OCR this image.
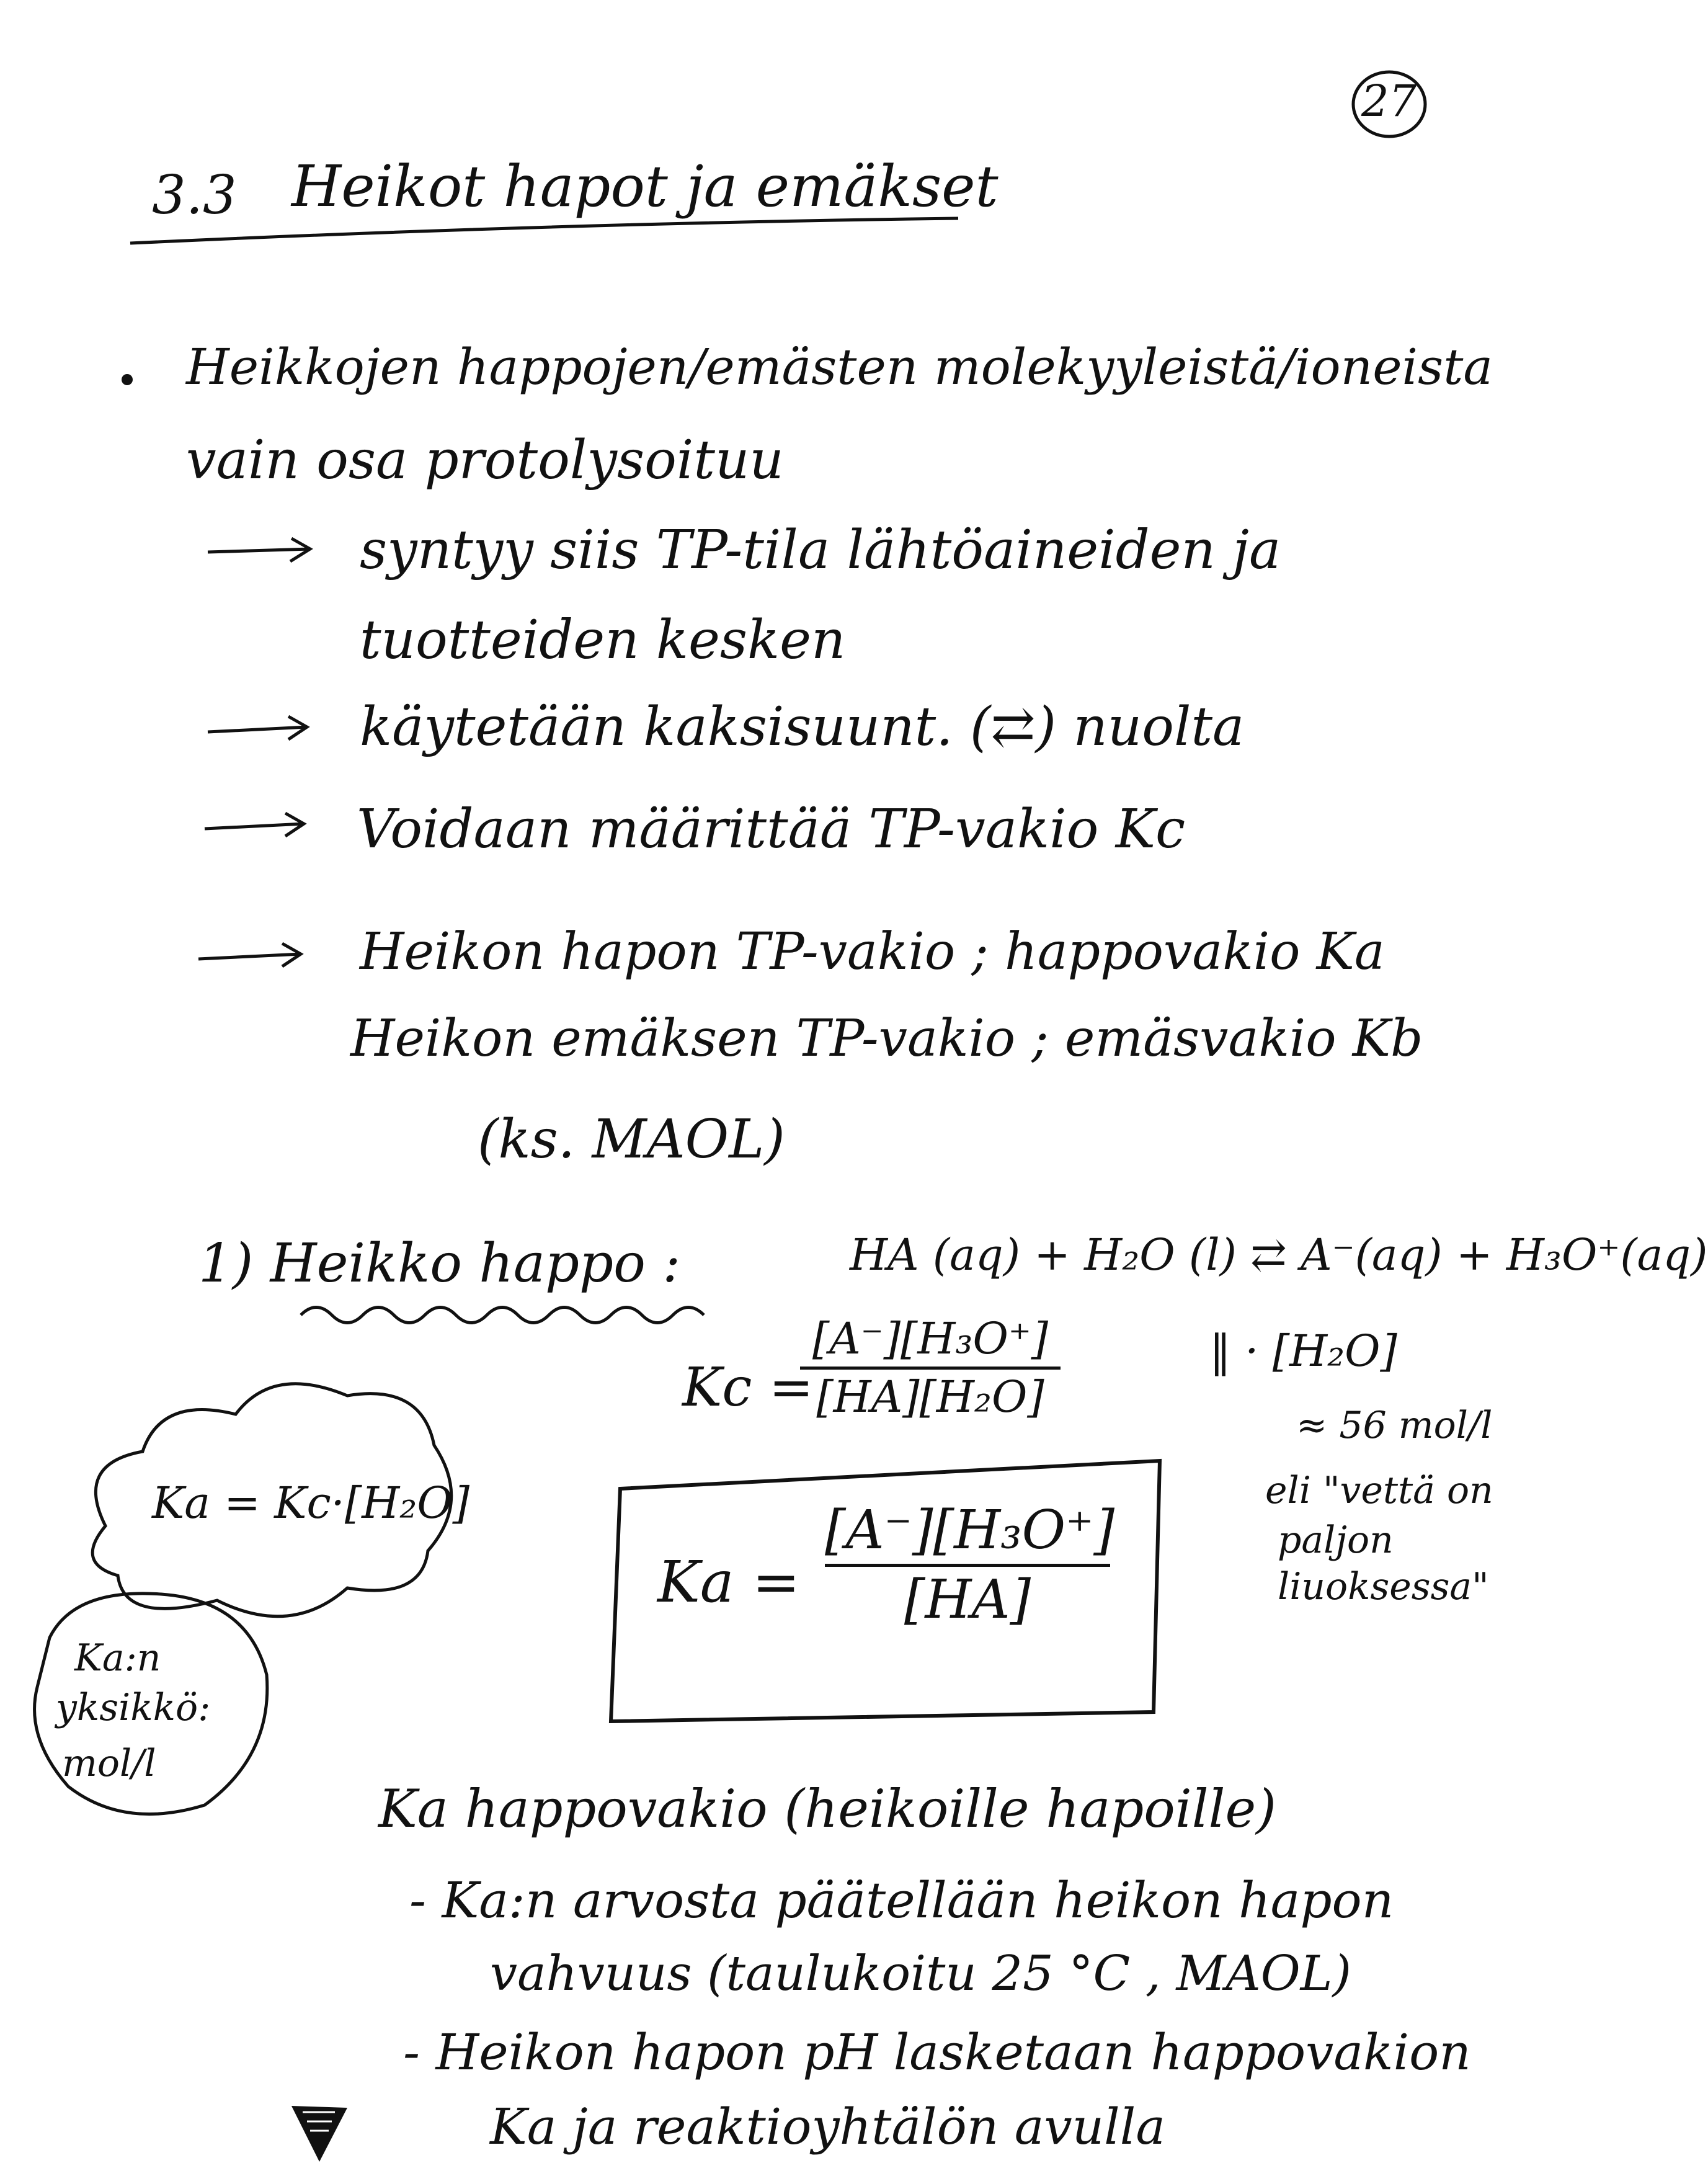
27
3.3 Heikot hapot ja emäkset
Heikkojen happojen/emästen molekyyleistä/ioneista
vain osa protolysoituu
syntyy siis TP-tila lähtöaineiden ja
tuotteiden kesken
käytetään kaksisuunt. (⇄) nuolta
Voidaan määrittää TP-vakio Kc
Heikon hapon TP-vakio ; happovakio Ka
Heikon emäksen TP-vakio ; emäsvakio Kb
(ks. MAOL)
1) Heikko happo :	HA (aq) + H₂O (l) ⇄ A⁻(aq) + H₃O⁺(aq)
Kc =
[A⁻][H₃O⁺]
[HA][H₂O]
‖ · [H₂O]
≈ 56 mol/l
eli "vettä on
paljon
liuoksessa"
Ka =
[A⁻][H₃O⁺]
[HA]
Ka = Kc·[H₂O]
Ka:n
yksikkö:
mol/l
Ka happovakio (heikoille hapoille)
- Ka:n arvosta päätellään heikon hapon
vahvuus (taulukoitu 25 °C , MAOL)
- Heikon hapon pH lasketaan happovakion
Ka ja reaktioyhtälön avulla
